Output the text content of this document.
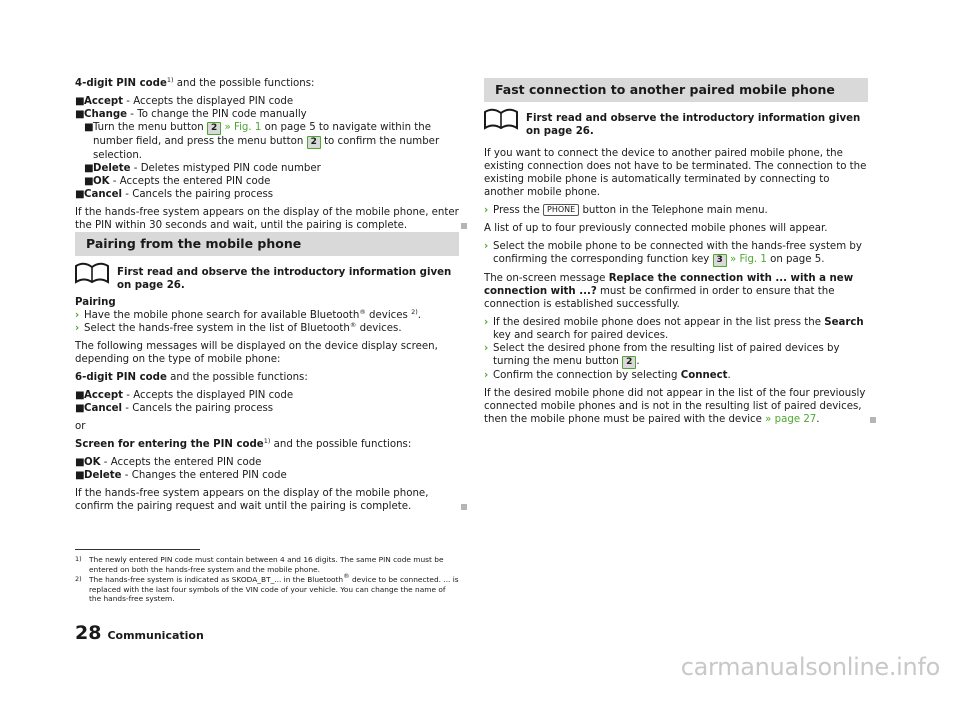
4-digit PIN code$^{1)}$ and the possible functions:

■Accept - Accepts the displayed PIN code

■Change - To change the PIN code manually

■Turn the menu button 2 » Fig. 1 on page 5 to navigate within the number field, and press the menu button 2 to confirm the number selection.

■Delete - Deletes mistyped PIN code number

■OK - Accepts the entered PIN code

■Cancel - Cancels the pairing process

If the hands-free system appears on the display of the mobile phone, enter the PIN within 30 seconds and wait, until the pairing is complete.

Pairing from the mobile phone
First read and observe the introductory information given on page 26.

Pairing

› Have the mobile phone search for available Bluetooth® devices $^{2)}$.

› Select the hands-free system in the list of Bluetooth® devices.

The following messages will be displayed on the device display screen, depending on the type of mobile phone:

6-digit PIN code and the possible functions:

■Accept - Accepts the displayed PIN code

■Cancel - Cancels the pairing process

or

Screen for entering the PIN code$^{1)}$ and the possible functions:

■OK - Accepts the entered PIN code

■Delete - Changes the entered PIN code

If the hands-free system appears on the display of the mobile phone, confirm the pairing request and wait until the pairing is complete.

Fast connection to another paired mobile phone
First read and observe the introductory information given on page 26.

If you want to connect the device to another paired mobile phone, the existing connection does not have to be terminated. The connection to the existing mobile phone is automatically terminated by connecting to another mobile phone.

› Press the PHONE button in the Telephone main menu.

A list of up to four previously connected mobile phones will appear.

› Select the mobile phone to be connected with the hands-free system by confirming the corresponding function key 3 » Fig. 1 on page 5.

The on-screen message Replace the connection with ... with a new connection with ...? must be confirmed in order to ensure that the connection is established successfully.

› If the desired mobile phone does not appear in the list press the Search key and search for paired devices.

› Select the desired phone from the resulting list of paired devices by turning the menu button 2 .

› Confirm the connection by selecting Connect.

If the desired mobile phone did not appear in the list of the four previously connected mobile phones and is not in the resulting list of paired devices, then the mobile phone must be paired with the device » page 27.

1) The newly entered PIN code must contain between 4 and 16 digits. The same PIN code must be entered on both the hands-free system and the mobile phone.
2) The hands-free system is indicated as SKODA_BT_... in the Bluetooth® device to be connected. ... is replaced with the last four symbols of the VIN code of your vehicle. You can change the name of the hands-free system.
28 Communication
carmanualsonline.info
